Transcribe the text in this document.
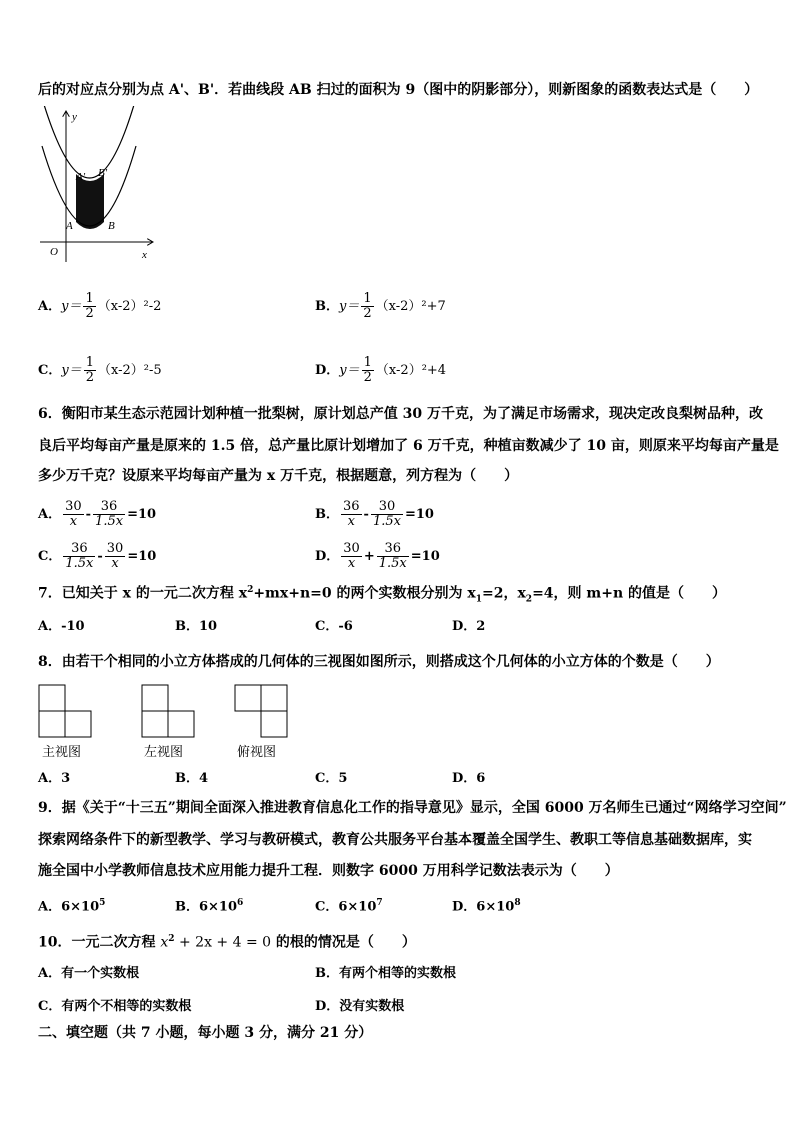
后的对应点分别为点 A'、B'．若曲线段 AB 扫过的面积为 9（图中的阴影部分），则新图象的函数表达式是（　　）
y
x
O
A	B
A' B'
A．$y= \frac{1}{2} (x-2)^2-2$	B．$y= \frac{1}{2} (x-2)^2+7$
C．$y= \frac{1}{2} (x-2)^2-5$	D．$y= \frac{1}{2} (x-2)^2+4$
6．衡阳市某生态示范园计划种植一批梨树，原计划总产值 30 万千克，为了满足市场需求，现决定改良梨树品种，改
良后平均每亩产量是原来的 1.5 倍，总产量比原计划增加了 6 万千克，种植亩数减少了 10 亩，则原来平均每亩产量是
多少万千克？设原来平均每亩产量为 x 万千克，根据题意，列方程为（　　）
A． $\frac{30}{x} - \frac{36}{1.5x} =10$	B． $\frac{36}{x} - \frac{30}{1.5x} =10$
C． $\frac{36}{1.5x} - \frac{30}{x} =10$	D． $\frac{30}{x} + \frac{36}{1.5x} =10$
7．已知关于 x 的一元二次方程 $x^2+mx+n=0$ 的两个实数根分别为 $x_1=2$，$x_2=4$，则 m+n 的值是（　　）
A．-10	B．10	C．-6	D．2
8．由若干个相同的小立方体搭成的几何体的三视图如图所示，则搭成这个几何体的小立方体的个数是（　　）
主视图	左视图	俯视图
A．3	B．4	C．5	D．6
9．据《关于“十三五”期间全面深入推进教育信息化工作的指导意见》显示，全国 6000 万名师生已通过“网络学习空间”
探索网络条件下的新型教学、学习与教研模式，教育公共服务平台基本覆盖全国学生、教职工等信息基础数据库，实
施全国中小学教师信息技术应用能力提升工程．则数字 6000 万用科学记数法表示为（　　）
A．$6\times 10^5$	B．$6\times 10^6$	C．$6\times 10^7$	D．$6\times 10^8$
10．一元二次方程 $x^2 + 2x + 4 = 0$ 的根的情况是（　　）
A．有一个实数根	B．有两个相等的实数根
C．有两个不相等的实数根	D．没有实数根
二、填空题（共 7 小题，每小题 3 分，满分 21 分）
